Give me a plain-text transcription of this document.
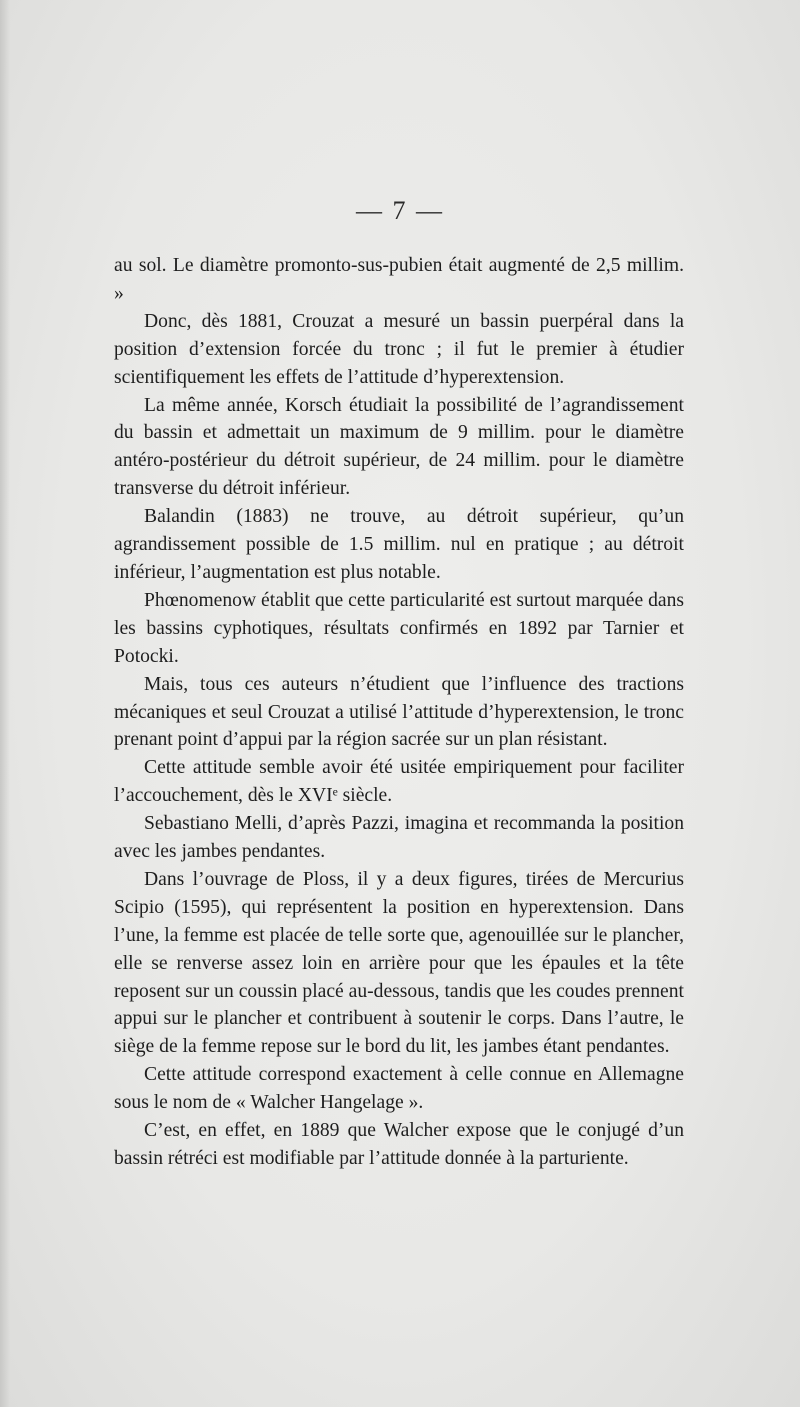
— 7 —

au sol. Le diamètre promonto-sus-pubien était augmenté de 2,5 millim. »

Donc, dès 1881, Crouzat a mesuré un bassin puerpéral dans la position d’extension forcée du tronc ; il fut le premier à étudier scientifiquement les effets de l’attitude d’hyperextension.

La même année, Korsch étudiait la possibilité de l’agrandissement du bassin et admettait un maximum de 9 millim. pour le diamètre antéro-postérieur du détroit supérieur, de 24 millim. pour le diamètre transverse du détroit inférieur.

Balandin (1883) ne trouve, au détroit supérieur, qu’un agrandissement possible de 1.5 millim. nul en pratique ; au détroit inférieur, l’augmentation est plus notable.

Phœnomenow établit que cette particularité est surtout marquée dans les bassins cyphotiques, résultats confirmés en 1892 par Tarnier et Potocki.

Mais, tous ces auteurs n’étudient que l’influence des tractions mécaniques et seul Crouzat a utilisé l’attitude d’hyperextension, le tronc prenant point d’appui par la région sacrée sur un plan résistant.

Cette attitude semble avoir été usitée empiriquement pour faciliter l’accouchement, dès le XVIᵉ siècle.

Sebastiano Melli, d’après Pazzi, imagina et recommanda la position avec les jambes pendantes.

Dans l’ouvrage de Ploss, il y a deux figures, tirées de Mercurius Scipio (1595), qui représentent la position en hyperextension. Dans l’une, la femme est placée de telle sorte que, agenouillée sur le plancher, elle se renverse assez loin en arrière pour que les épaules et la tête reposent sur un coussin placé au-dessous, tandis que les coudes prennent appui sur le plancher et contribuent à soutenir le corps. Dans l’autre, le siège de la femme repose sur le bord du lit, les jambes étant pendantes.

Cette attitude correspond exactement à celle connue en Allemagne sous le nom de « Walcher Hangelage ».

C’est, en effet, en 1889 que Walcher expose que le conjugé d’un bassin rétréci est modifiable par l’attitude donnée à la parturiente.
